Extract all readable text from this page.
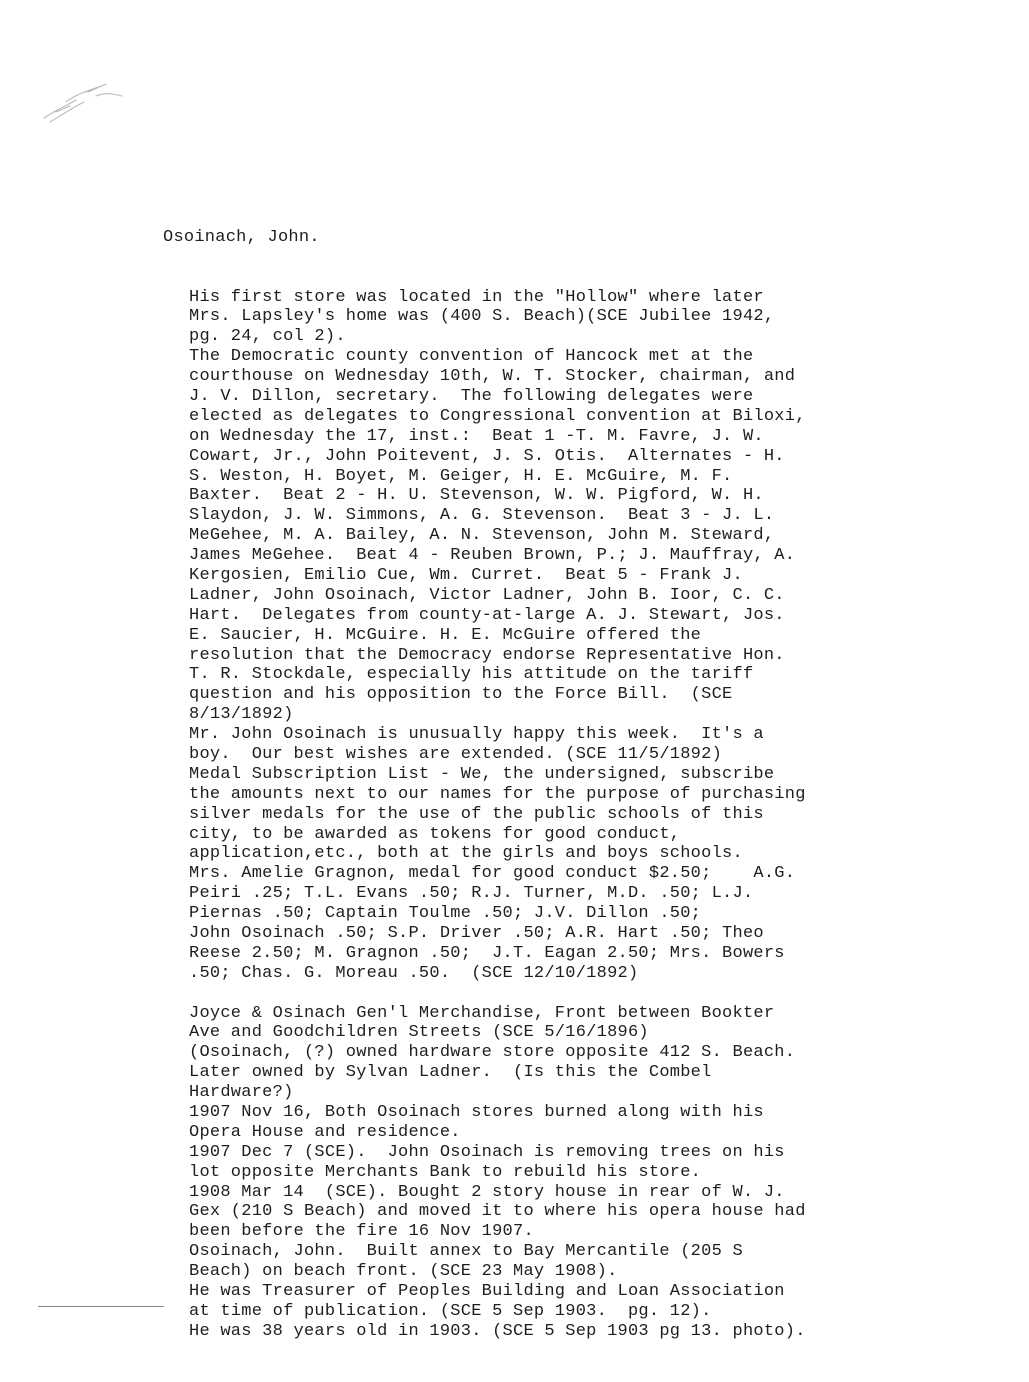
Osoinach, John.

His first store was located in the "Hollow" where later
Mrs. Lapsley's home was (400 S. Beach)(SCE Jubilee 1942,
pg. 24, col 2).
The Democratic county convention of Hancock met at the
courthouse on Wednesday 10th, W. T. Stocker, chairman, and
J. V. Dillon, secretary.  The following delegates were
elected as delegates to Congressional convention at Biloxi,
on Wednesday the 17, inst.:  Beat 1 -T. M. Favre, J. W.
Cowart, Jr., John Poitevent, J. S. Otis.  Alternates - H.
S. Weston, H. Boyet, M. Geiger, H. E. McGuire, M. F.
Baxter.  Beat 2 - H. U. Stevenson, W. W. Pigford, W. H.
Slaydon, J. W. Simmons, A. G. Stevenson.  Beat 3 - J. L.
MeGehee, M. A. Bailey, A. N. Stevenson, John M. Steward,
James MeGehee.  Beat 4 - Reuben Brown, P.; J. Mauffray, A.
Kergosien, Emilio Cue, Wm. Curret.  Beat 5 - Frank J.
Ladner, John Osoinach, Victor Ladner, John B. Ioor, C. C.
Hart.  Delegates from county-at-large A. J. Stewart, Jos.
E. Saucier, H. McGuire. H. E. McGuire offered the
resolution that the Democracy endorse Representative Hon.
T. R. Stockdale, especially his attitude on the tariff
question and his opposition to the Force Bill.  (SCE
8/13/1892)
Mr. John Osoinach is unusually happy this week.  It's a
boy.  Our best wishes are extended. (SCE 11/5/1892)
Medal Subscription List - We, the undersigned, subscribe
the amounts next to our names for the purpose of purchasing
silver medals for the use of the public schools of this
city, to be awarded as tokens for good conduct,
application,etc., both at the girls and boys schools.
Mrs. Amelie Gragnon, medal for good conduct $2.50;    A.G.
Peiri .25; T.L. Evans .50; R.J. Turner, M.D. .50; L.J.
Piernas .50; Captain Toulme .50; J.V. Dillon .50;
John Osoinach .50; S.P. Driver .50; A.R. Hart .50; Theo
Reese 2.50; M. Gragnon .50;  J.T. Eagan 2.50; Mrs. Bowers
.50; Chas. G. Moreau .50.  (SCE 12/10/1892)
Joyce & Osinach Gen'l Merchandise, Front between Bookter
Ave and Goodchildren Streets (SCE 5/16/1896)
(Osoinach, (?) owned hardware store opposite 412 S. Beach.
Later owned by Sylvan Ladner.  (Is this the Combel
Hardware?)
1907 Nov 16, Both Osoinach stores burned along with his
Opera House and residence.
1907 Dec 7 (SCE).  John Osoinach is removing trees on his
lot opposite Merchants Bank to rebuild his store.
1908 Mar 14  (SCE). Bought 2 story house in rear of W. J.
Gex (210 S Beach) and moved it to where his opera house had
been before the fire 16 Nov 1907.
Osoinach, John.  Built annex to Bay Mercantile (205 S
Beach) on beach front. (SCE 23 May 1908).
He was Treasurer of Peoples Building and Loan Association
at time of publication. (SCE 5 Sep 1903.  pg. 12).
He was 38 years old in 1903. (SCE 5 Sep 1903 pg 13. photo).
